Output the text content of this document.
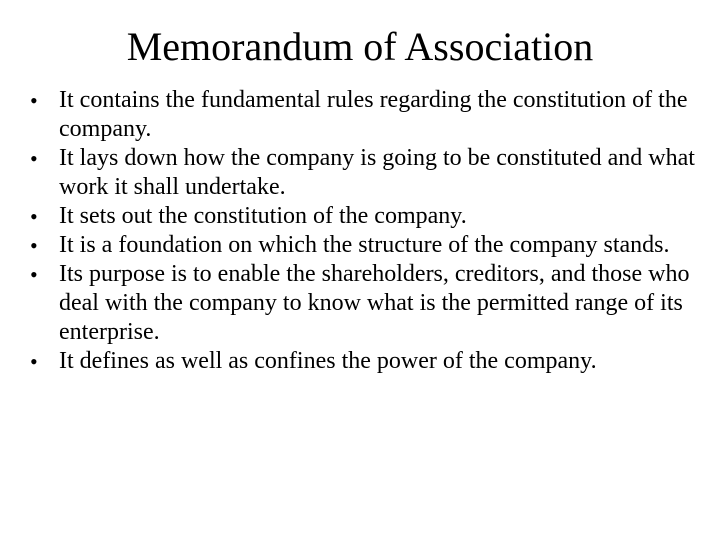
Memorandum of Association
• It contains the fundamental rules regarding the constitution of the company.
• It lays down how the company is going to be constituted and what work it shall undertake.
• It sets out the constitution of the company.
• It is a foundation on which the structure of the company stands.
• Its purpose is to enable the shareholders, creditors, and those who deal with the company to know what is the permitted range of its enterprise.
• It defines as well as confines the power of the company.
